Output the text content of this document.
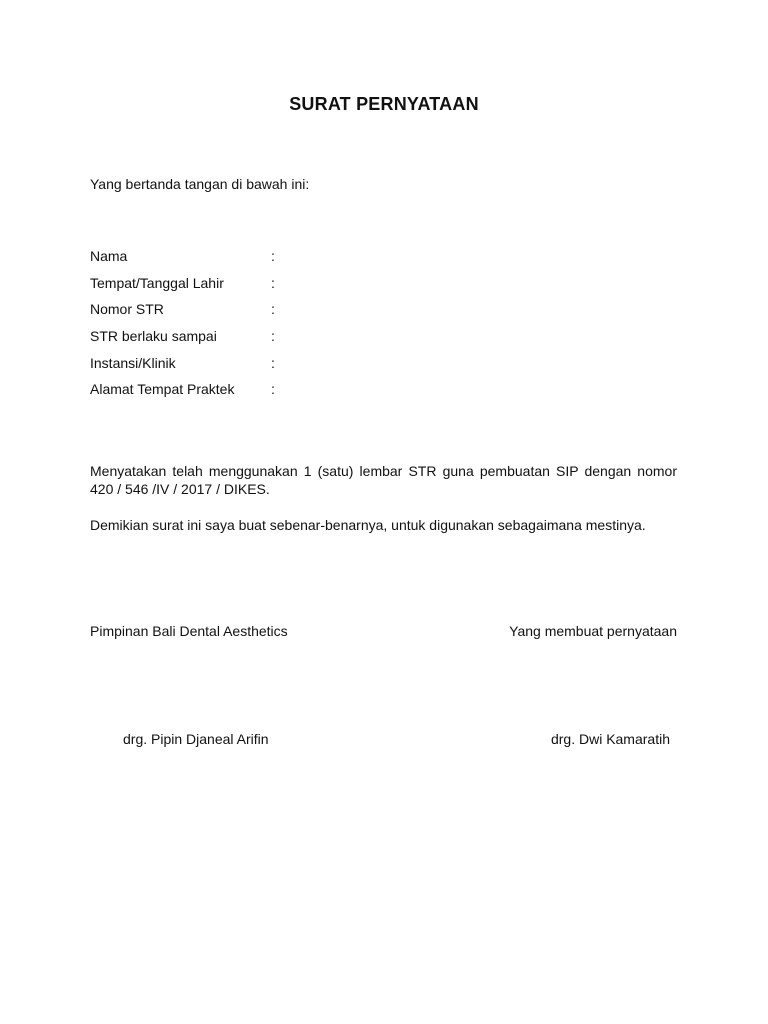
SURAT PERNYATAAN
Yang bertanda tangan di bawah ini:
Nama	:
Tempat/Tanggal Lahir	:
Nomor STR	:
STR berlaku sampai	:
Instansi/Klinik	:
Alamat Tempat Praktek	:
Menyatakan telah menggunakan 1 (satu) lembar STR guna pembuatan SIP dengan nomor 420 / 546 /IV / 2017 / DIKES.
Demikian surat ini saya buat sebenar-benarnya, untuk digunakan sebagaimana mestinya.
Pimpinan Bali Dental Aesthetics	Yang membuat pernyataan
drg. Pipin Djaneal Arifin	drg. Dwi Kamaratih
